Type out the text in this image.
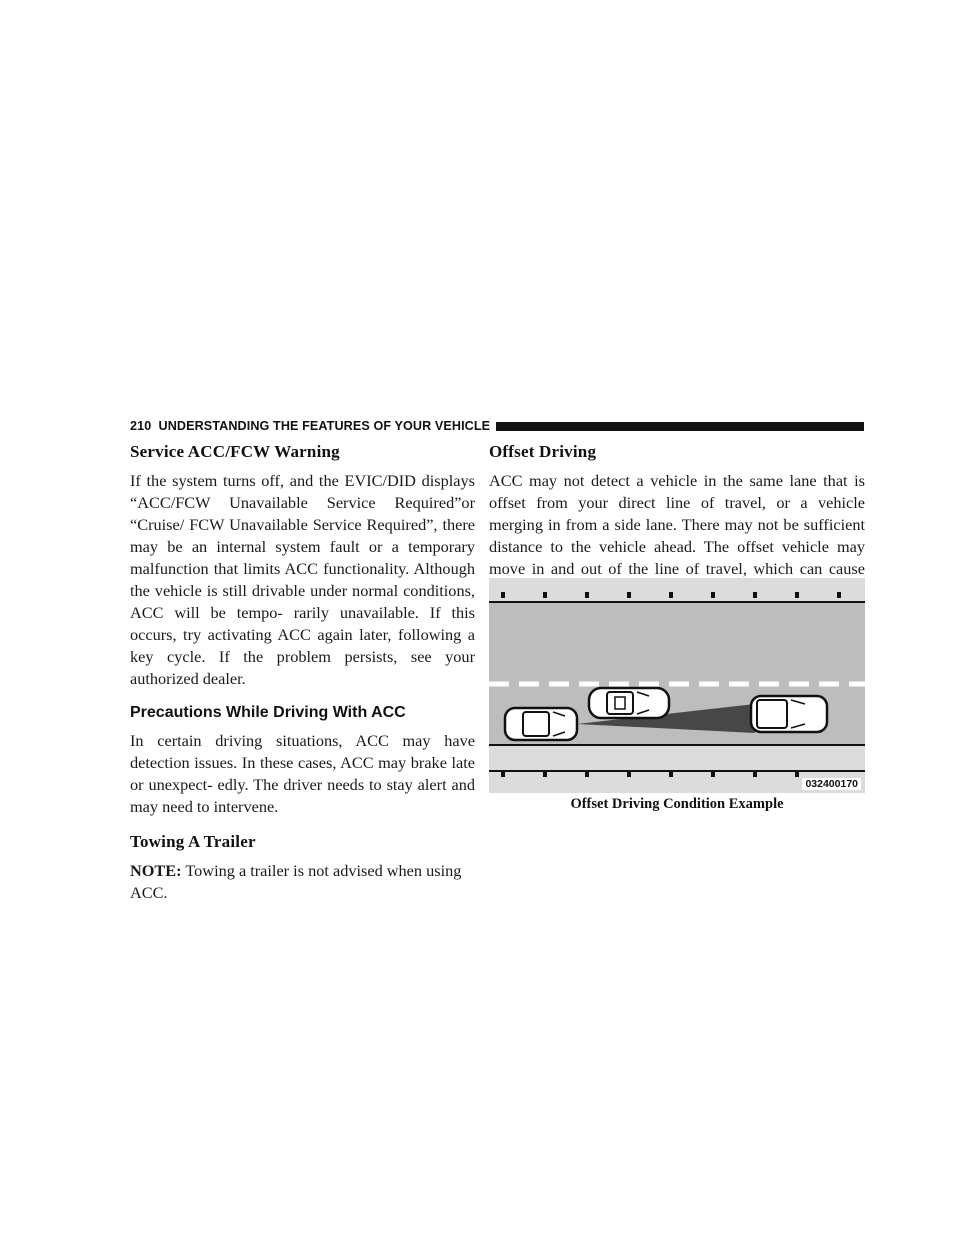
210 UNDERSTANDING THE FEATURES OF YOUR VEHICLE
Service ACC/FCW Warning

If the system turns off, and the EVIC/DID displays “ACC/FCW Unavailable Service Required”or “Cruise/ FCW Unavailable Service Required”, there may be an internal system fault or a temporary malfunction that limits ACC functionality. Although the vehicle is still drivable under normal conditions, ACC will be tempo- rarily unavailable. If this occurs, try activating ACC again later, following a key cycle. If the problem persists, see your authorized dealer.

Precautions While Driving With ACC

In certain driving situations, ACC may have detection issues. In these cases, ACC may brake late or unexpect- edly. The driver needs to stay alert and may need to intervene.

Towing A Trailer

NOTE: Towing a trailer is not advised when using ACC.

Offset Driving

ACC may not detect a vehicle in the same lane that is offset from your direct line of travel, or a vehicle merging in from a side lane. There may not be sufficient distance to the vehicle ahead. The offset vehicle may move in and out of the line of travel, which can cause

032400170
Offset Driving Condition Example
